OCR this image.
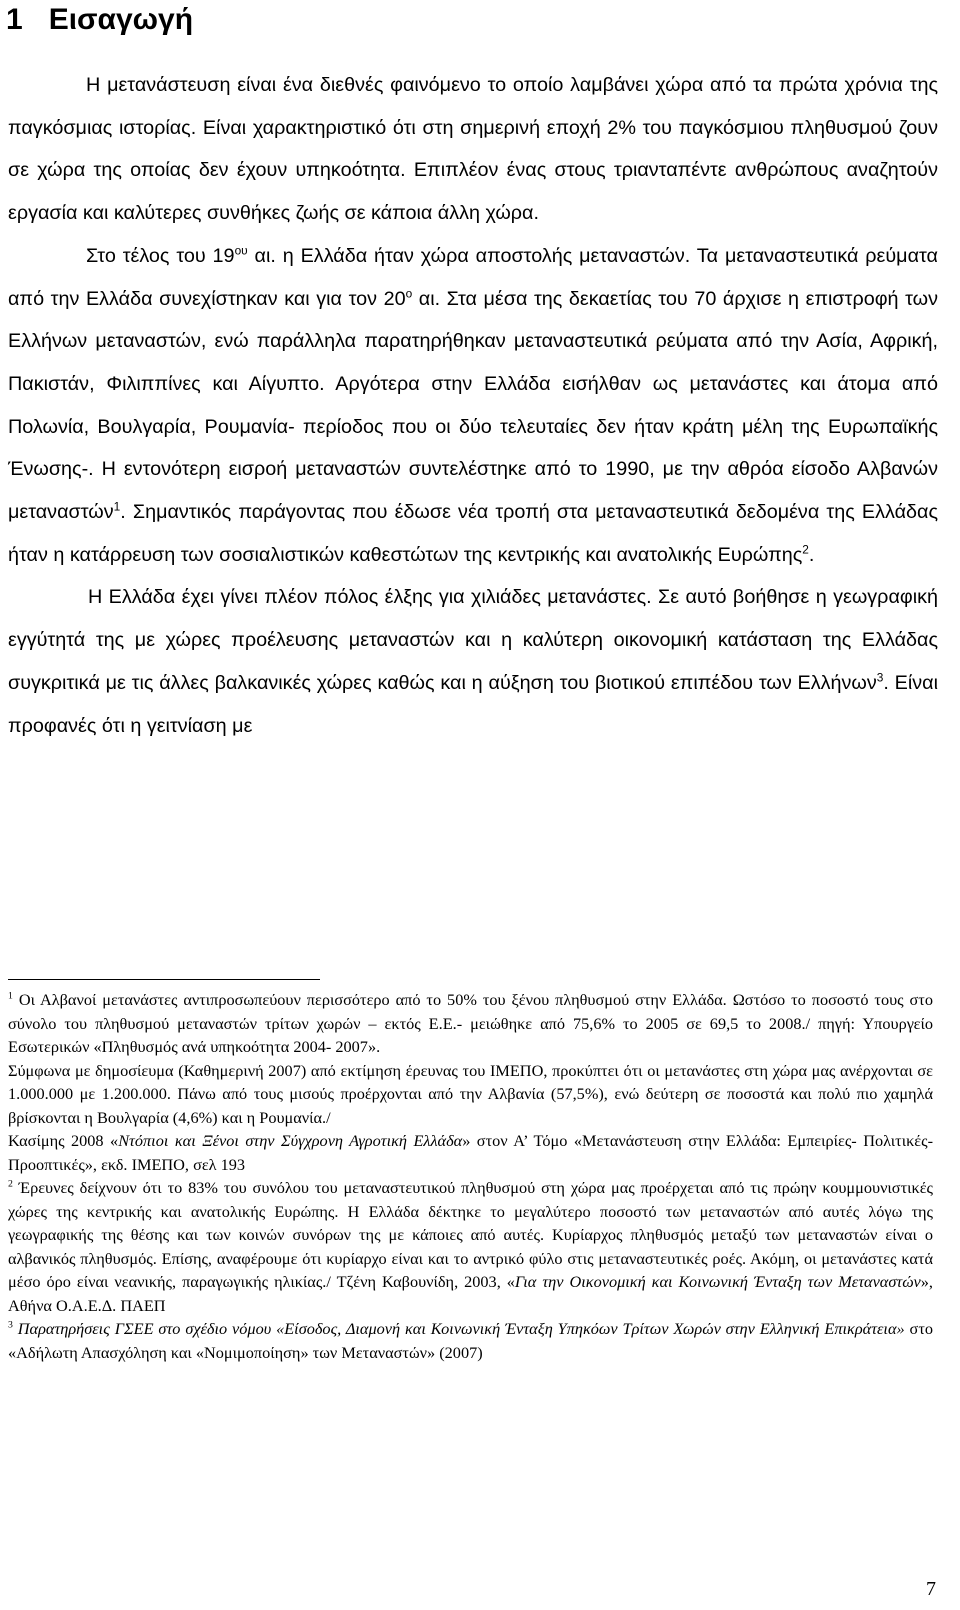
1 Εισαγωγή

Η μετανάστευση είναι ένα διεθνές φαινόμενο το οποίο λαμβάνει χώρα από τα πρώτα χρόνια της παγκόσμιας ιστορίας. Είναι χαρακτηριστικό ότι στη σημερινή εποχή 2% του παγκόσμιου πληθυσμού ζουν σε χώρα της οποίας δεν έχουν υπηκοότητα. Επιπλέον ένας στους τριανταπέντε ανθρώπους αναζητούν εργασία και καλύτερες συνθήκες ζωής σε κάποια άλλη χώρα.

Στο τέλος του $19^{o\upsilon}$ αι. η Ελλάδα ήταν χώρα αποστολής μεταναστών. Τα μεταναστευτικά ρεύματα από την Ελλάδα συνεχίστηκαν και για τον $20^o$ αι. Στα μέσα της δεκαετίας του 70 άρχισε η επιστροφή των Ελλήνων μεταναστών, ενώ παράλληλα παρατηρήθηκαν μεταναστευτικά ρεύματα από την Ασία, Αφρική, Πακιστάν, Φιλιππίνες και Αίγυπτο. Αργότερα στην Ελλάδα εισήλθαν ως μετανάστες και άτομα από Πολωνία, Βουλγαρία, Ρουμανία- περίοδος που οι δύο τελευταίες δεν ήταν κράτη μέλη της Ευρωπαϊκής Ένωσης-. Η εντονότερη εισροή μεταναστών συντελέστηκε από το 1990, με την αθρόα είσοδο Αλβανών μεταναστών$^1$. Σημαντικός παράγοντας που έδωσε νέα τροπή στα μεταναστευτικά δεδομένα της Ελλάδας ήταν η κατάρρευση των σοσιαλιστικών καθεστώτων της κεντρικής και ανατολικής Ευρώπης$^2$.

Η Ελλάδα έχει γίνει πλέον πόλος έλξης για χιλιάδες μετανάστες. Σε αυτό βοήθησε η γεωγραφική εγγύτητά της με χώρες προέλευσης μεταναστών και η καλύτερη οικονομική κατάσταση της Ελλάδας συγκριτικά με τις άλλες βαλκανικές χώρες καθώς και η αύξηση του βιοτικού επιπέδου των Ελλήνων$^3$. Είναι προφανές ότι η γειτνίαση με

$^1$ Οι Αλβανοί μετανάστες αντιπροσωπεύουν περισσότερο από το 50% του ξένου πληθυσμού στην Ελλάδα. Ωστόσο το ποσοστό τους στο σύνολο του πληθυσμού μεταναστών τρίτων χωρών – εκτός Ε.Ε.- μειώθηκε από 75,6% το 2005 σε 69,5 το 2008./ πηγή: Υπουργείο Εσωτερικών «Πληθυσμός ανά υπηκοότητα 2004- 2007».

Σύμφωνα με δημοσίευμα (Καθημερινή 2007) από εκτίμηση έρευνας του ΙΜΕΠΟ, προκύπτει ότι οι μετανάστες στη χώρα μας ανέρχονται σε 1.000.000 με 1.200.000. Πάνω από τους μισούς προέρχονται από την Αλβανία (57,5%), ενώ δεύτερη σε ποσοστά και πολύ πιο χαμηλά βρίσκονται η Βουλγαρία (4,6%) και η Ρουμανία./

Κασίμης 2008 «Ντόπιοι και Ξένοι στην Σύγχρονη Αγροτική Ελλάδα» στον Α’ Τόμο «Μετανάστευση στην Ελλάδα: Εμπειρίες- Πολιτικές- Προοπτικές», εκδ. ΙΜΕΠΟ, σελ 193

$^2$ Έρευνες δείχνουν ότι το 83% του συνόλου του μεταναστευτικού πληθυσμού στη χώρα μας προέρχεται από τις πρώην κουμμουνιστικές χώρες της κεντρικής και ανατολικής Ευρώπης. Η Ελλάδα δέκτηκε το μεγαλύτερο ποσοστό των μεταναστών από αυτές λόγω της γεωγραφικής της θέσης και των κοινών συνόρων της με κάποιες από αυτές. Κυρίαρχος πληθυσμός μεταξύ των μεταναστών είναι ο αλβανικός πληθυσμός. Επίσης, αναφέρουμε ότι κυρίαρχο είναι και το αντρικό φύλο στις μεταναστευτικές ροές. Ακόμη, οι μετανάστες κατά μέσο όρο είναι νεανικής, παραγωγικής ηλικίας./ Τζένη Καβουνίδη, 2003, «Για την Οικονομική και Κοινωνική Ένταξη των Μεταναστών», Αθήνα Ο.Α.Ε.Δ. ΠΑΕΠ

$^3$ Παρατηρήσεις ΓΣΕΕ στο σχέδιο νόμου «Είσοδος, Διαμονή και Κοινωνική Ένταξη Υπηκόων Τρίτων Χωρών στην Ελληνική Επικράτεια» στο «Αδήλωτη Απασχόληση και «Νομιμοποίηση» των Μεταναστών» (2007)

7
